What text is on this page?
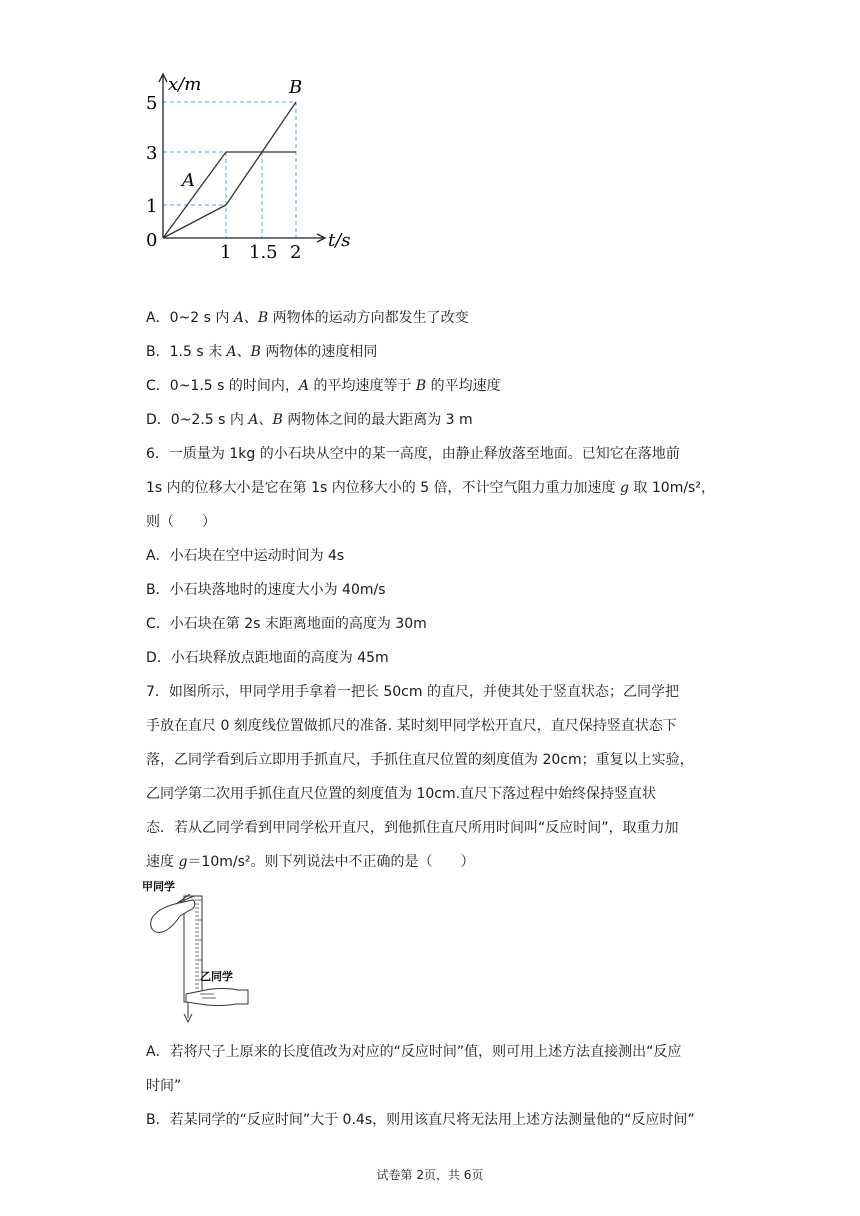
x/m
t/s
0
5
3
1
1 1.5 2
A
B
A．0~2 s 内 A、B 两物体的运动方向都发生了改变
B．1.5 s 末 A、B 两物体的速度相同
C．0~1.5 s 的时间内，A 的平均速度等于 B 的平均速度
D．0~2.5 s 内 A、B 两物体之间的最大距离为 3 m
6．一质量为 1kg 的小石块从空中的某一高度，由静止释放落至地面。已知它在落地前
1s 内的位移大小是它在第 1s 内位移大小的 5 倍，不计空气阻力重力加速度 g 取 10m/s²，
则（　　）
A．小石块在空中运动时间为 4s
B．小石块落地时的速度大小为 40m/s
C．小石块在第 2s 末距离地面的高度为 30m
D．小石块释放点距地面的高度为 45m
7．如图所示，甲同学用手拿着一把长 50cm 的直尺，并使其处于竖直状态；乙同学把
手放在直尺 0 刻度线位置做抓尺的准备. 某时刻甲同学松开直尺，直尺保持竖直状态下
落，乙同学看到后立即用手抓直尺，手抓住直尺位置的刻度值为 20cm；重复以上实验，
乙同学第二次用手抓住直尺位置的刻度值为 10cm.直尺下落过程中始终保持竖直状
态．若从乙同学看到甲同学松开直尺，到他抓住直尺所用时间叫“反应时间”，取重力加
速度 g＝10m/s²。则下列说法中不正确的是（　　）
甲同学
乙同学
A．若将尺子上原来的长度值改为对应的“反应时间”值，则可用上述方法直接测出“反应
时间”
B．若某同学的“反应时间”大于 0.4s，则用该直尺将无法用上述方法测量他的“反应时间”
试卷第 2页，共 6页
